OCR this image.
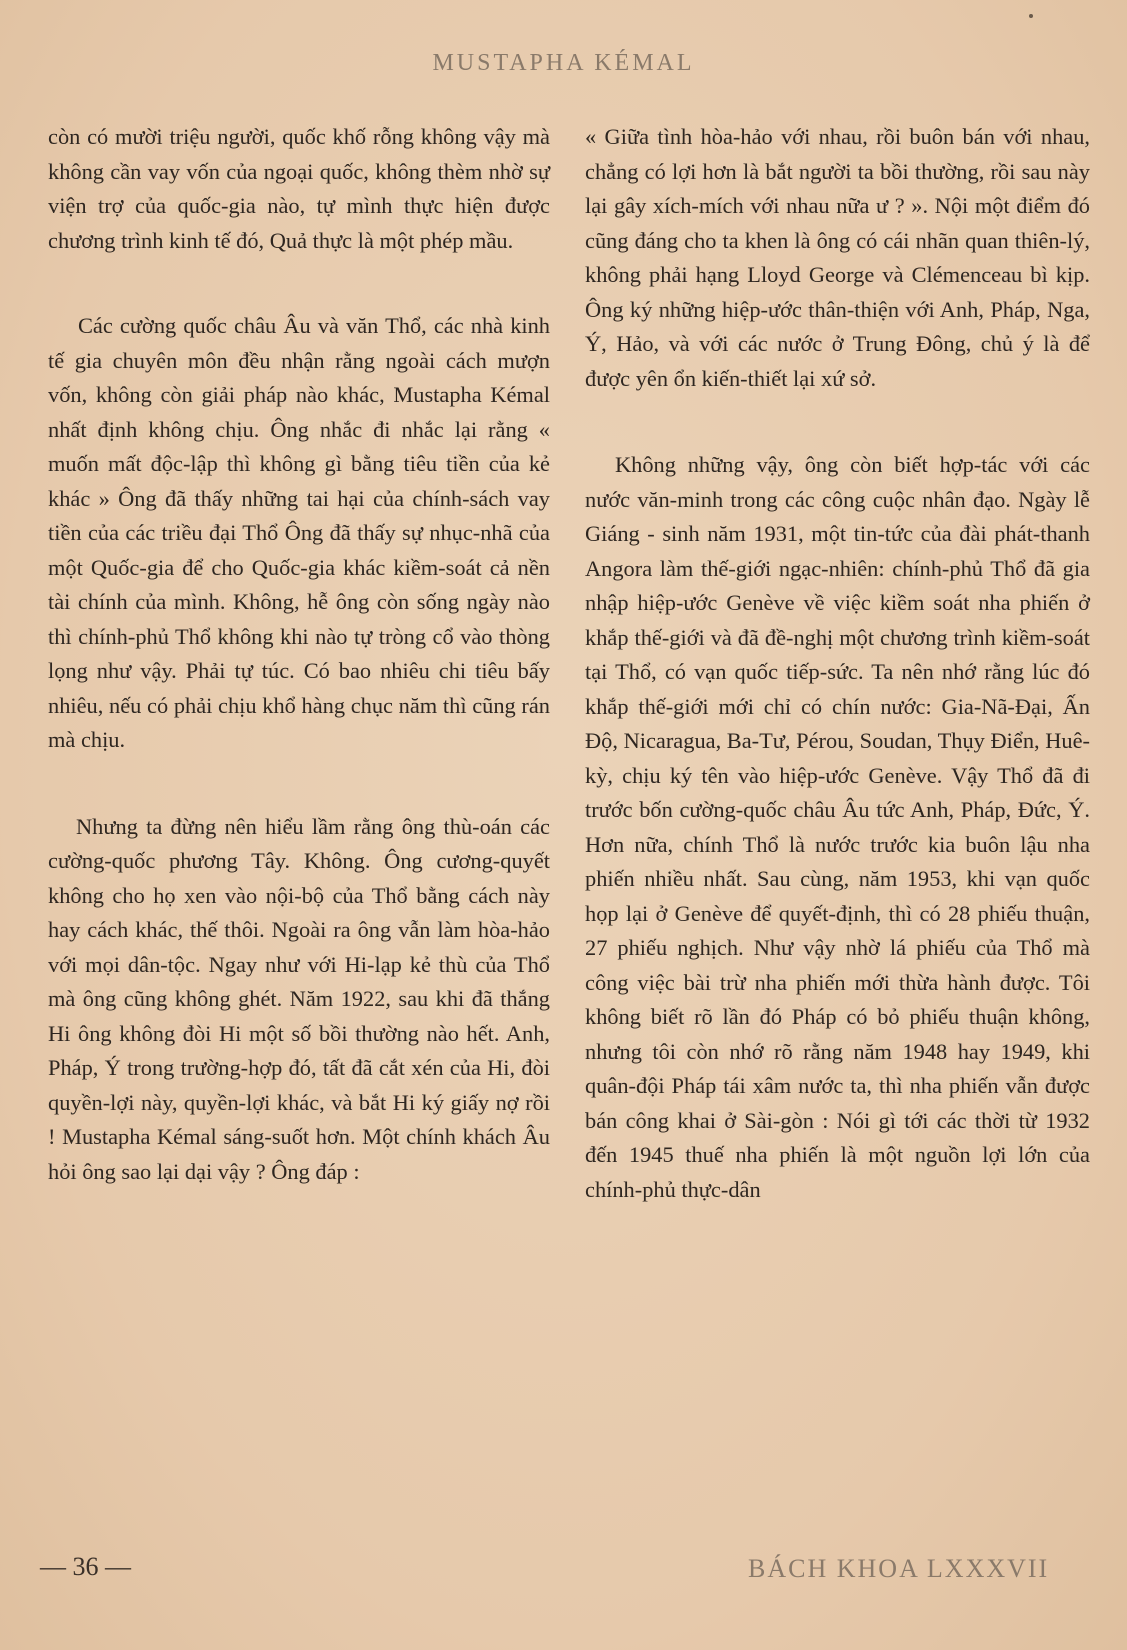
MUSTAPHA KÉMAL

còn có mười triệu người, quốc khố rỗng không vậy mà không cần vay vốn của ngoại quốc, không thèm nhờ sự viện trợ của quốc-gia nào, tự mình thực hiện được chương trình kinh tế đó, Quả thực là một phép mầu.

Các cường quốc châu Âu và văn Thổ, các nhà kinh tế gia chuyên môn đều nhận rằng ngoài cách mượn vốn, không còn giải pháp nào khác, Mustapha Kémal nhất định không chịu. Ông nhắc đi nhắc lại rằng « muốn mất độc-lập thì không gì bằng tiêu tiền của kẻ khác » Ông đã thấy những tai hại của chính-sách vay tiền của các triều đại Thổ Ông đã thấy sự nhục-nhã của một Quốc-gia để cho Quốc-gia khác kiềm-soát cả nền tài chính của mình. Không, hễ ông còn sống ngày nào thì chính-phủ Thổ không khi nào tự tròng cổ vào thòng lọng như vậy. Phải tự túc. Có bao nhiêu chi tiêu bấy nhiêu, nếu có phải chịu khổ hàng chục năm thì cũng rán mà chịu.

Nhưng ta đừng nên hiểu lầm rằng ông thù-oán các cường-quốc phương Tây. Không. Ông cương-quyết không cho họ xen vào nội-bộ của Thổ bằng cách này hay cách khác, thế thôi. Ngoài ra ông vẫn làm hòa-hảo với mọi dân-tộc. Ngay như với Hi-lạp kẻ thù của Thổ mà ông cũng không ghét. Năm 1922, sau khi đã thắng Hi ông không đòi Hi một số bồi thường nào hết. Anh, Pháp, Ý trong trường-hợp đó, tất đã cắt xén của Hi, đòi quyền-lợi này, quyền-lợi khác, và bắt Hi ký giấy nợ rồi ! Mustapha Kémal sáng-suốt hơn. Một chính khách Âu hỏi ông sao lại dại vậy ? Ông đáp :

« Giữa tình hòa-hảo với nhau, rồi buôn bán với nhau, chẳng có lợi hơn là bắt người ta bồi thường, rồi sau này lại gây xích-mích với nhau nữa ư ? ». Nội một điểm đó cũng đáng cho ta khen là ông có cái nhãn quan thiên-lý, không phải hạng Lloyd George và Clémenceau bì kịp. Ông ký những hiệp-ước thân-thiện với Anh, Pháp, Nga, Ý, Hảo, và với các nước ở Trung Đông, chủ ý là để được yên ổn kiến-thiết lại xứ sở.

Không những vậy, ông còn biết hợp-tác với các nước văn-minh trong các công cuộc nhân đạo. Ngày lễ Giáng - sinh năm 1931, một tin-tức của đài phát-thanh Angora làm thế-giới ngạc-nhiên: chính-phủ Thổ đã gia nhập hiệp-ước Genève về việc kiềm soát nha phiến ở khắp thế-giới và đã đề-nghị một chương trình kiềm-soát tại Thổ, có vạn quốc tiếp-sức. Ta nên nhớ rằng lúc đó khắp thế-giới mới chỉ có chín nước: Gia-Nã-Đại, Ấn Độ, Nicaragua, Ba-Tư, Pérou, Soudan, Thụy Điển, Huê-kỳ, chịu ký tên vào hiệp-ước Genève. Vậy Thổ đã đi trước bốn cường-quốc châu Âu tức Anh, Pháp, Đức, Ý. Hơn nữa, chính Thổ là nước trước kia buôn lậu nha phiến nhiều nhất. Sau cùng, năm 1953, khi vạn quốc họp lại ở Genève để quyết-định, thì có 28 phiếu thuận, 27 phiếu nghịch. Như vậy nhờ lá phiếu của Thổ mà công việc bài trừ nha phiến mới thừa hành được. Tôi không biết rõ lần đó Pháp có bỏ phiếu thuận không, nhưng tôi còn nhớ rõ rằng năm 1948 hay 1949, khi quân-đội Pháp tái xâm nước ta, thì nha phiến vẫn được bán công khai ở Sài-gòn : Nói gì tới các thời từ 1932 đến 1945 thuế nha phiến là một nguồn lợi lớn của chính-phủ thực-dân

— 36 —	BÁCH KHOA LXXXVII
